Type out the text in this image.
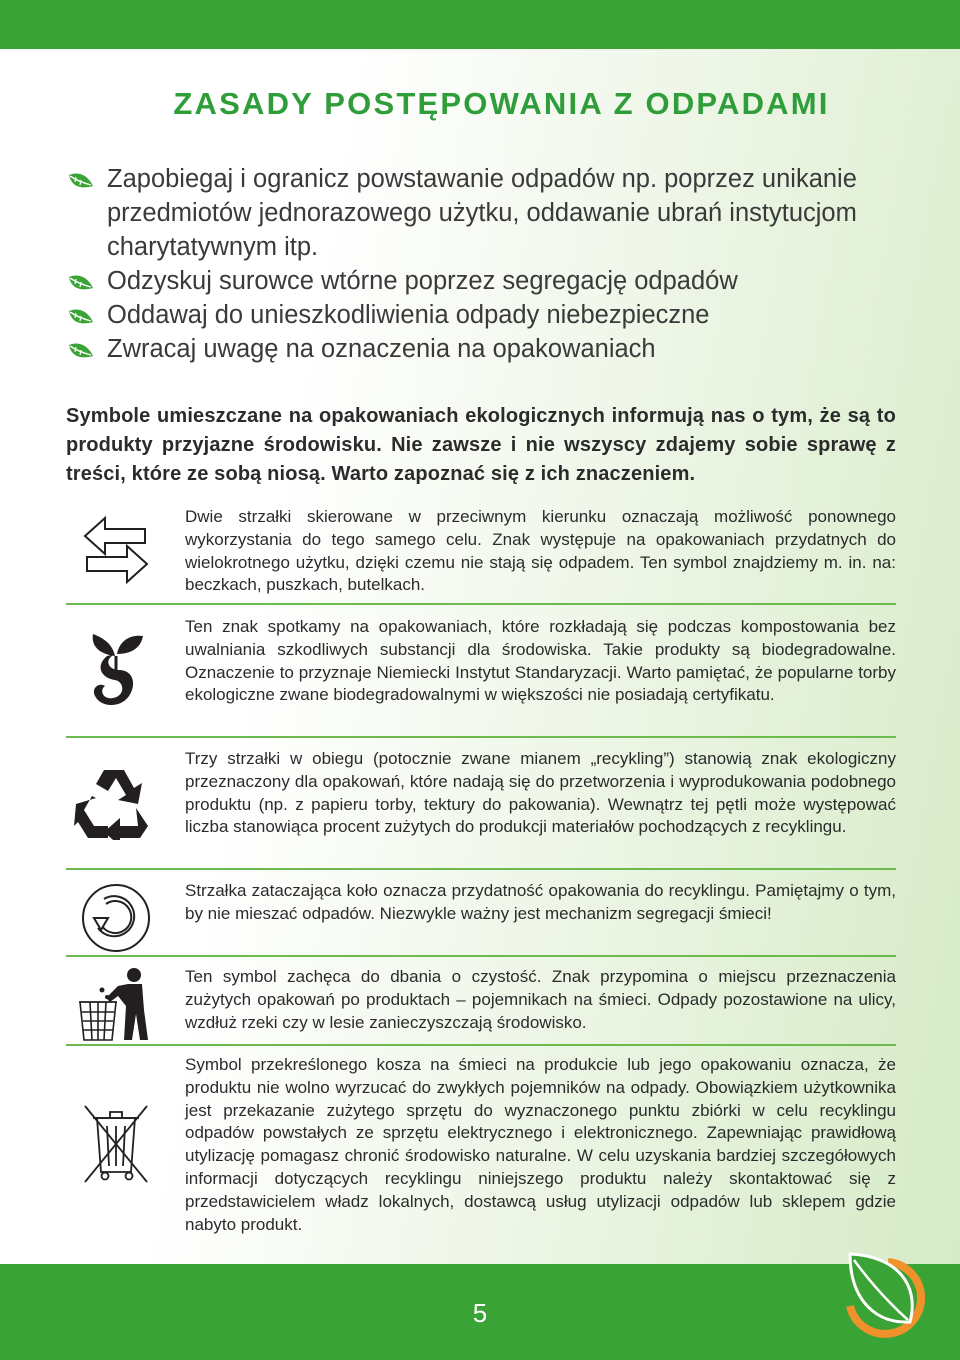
ZASADY POSTĘPOWANIA Z ODPADAMI
Zapobiegaj i ogranicz powstawanie odpadów np. poprzez unikanie przedmiotów jednorazowego użytku, oddawanie ubrań instytucjom charytatywnym itp.
Odzyskuj surowce wtórne poprzez segregację odpadów
Oddawaj do unieszkodliwienia odpady niebezpieczne
Zwracaj uwagę na oznaczenia na opakowaniach

Symbole umieszczane na opakowaniach ekologicznych informują nas o tym, że są to produkty przyjazne środowisku. Nie zawsze i nie wszyscy zdajemy sobie sprawę z treści, które ze sobą niosą. Warto zapoznać się z ich znaczeniem.

Dwie strzałki skierowane w przeciwnym kierunku oznaczają możliwość ponownego wykorzystania do tego samego celu. Znak występuje na opakowaniach przydatnych do wielokrotnego użytku, dzięki czemu nie stają się odpadem. Ten symbol znajdziemy m. in. na: beczkach, puszkach, butelkach.

Ten znak spotkamy na opakowaniach, które rozkładają się podczas kompostowania bez uwalniania szkodliwych substancji dla środowiska. Takie produkty są biodegradowalne. Oznaczenie to przyznaje Niemiecki Instytut Standaryzacji. Warto pamiętać, że popularne torby ekologiczne zwane biodegradowalnymi w większości nie posiadają certyfikatu.

Trzy strzałki w obiegu (potocznie zwane mianem „recykling”) stanowią znak ekologiczny przeznaczony dla opakowań, które nadają się do przetworzenia i wyprodukowania podobnego produktu (np. z papieru torby, tektury do pakowania). Wewnątrz tej pętli może występować liczba stanowiąca procent zużytych do produkcji materiałów pochodzących z recyklingu.

Strzałka zataczająca koło oznacza przydatność opakowania do recyklingu. Pamiętajmy o tym, by nie mieszać odpadów. Niezwykle ważny jest mechanizm segregacji śmieci!

Ten symbol zachęca do dbania o czystość. Znak przypomina o miejscu przeznaczenia zużytych opakowań po produktach – pojemnikach na śmieci. Odpady pozostawione na ulicy, wzdłuż rzeki czy w lesie zanieczyszczają środowisko.

Symbol przekreślonego kosza na śmieci na produkcie lub jego opakowaniu oznacza, że produktu nie wolno wyrzucać do zwykłych pojemników na odpady. Obowiązkiem użytkownika jest przekazanie zużytego sprzętu do wyznaczonego punktu zbiórki w celu recyklingu odpadów powstałych ze sprzętu elektrycznego i elektronicznego. Zapewniając prawidłową utylizację pomagasz chronić środowisko naturalne. W celu uzyskania bardziej szczegółowych informacji dotyczących recyklingu niniejszego produktu należy skontaktować się z przedstawicielem władz lokalnych, dostawcą usług utylizacji odpadów lub sklepem gdzie nabyto produkt.

5
